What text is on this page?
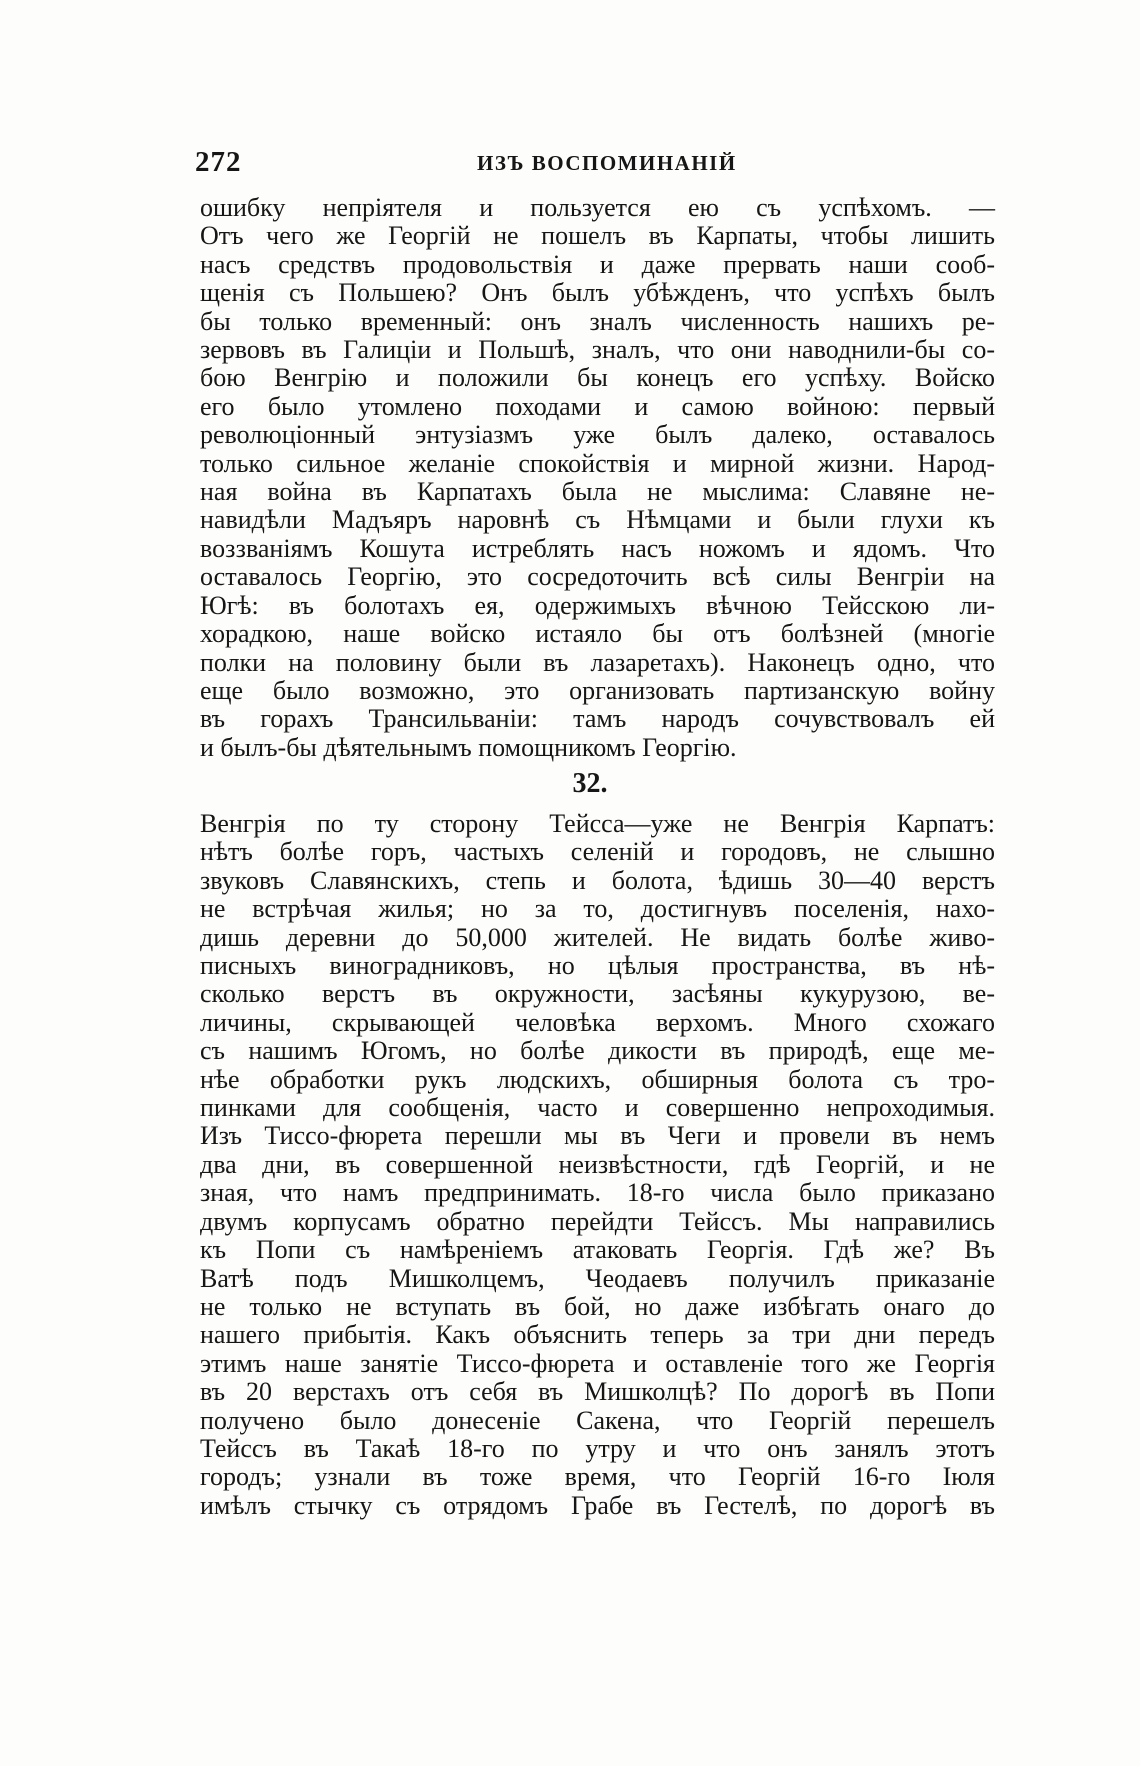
272	ИЗЪ ВОСПОМИНАНІЙ
ошибку непріятеля и пользуется ею съ успѣхомъ. —
Отъ чего же Георгій не пошелъ въ Карпаты, чтобы лишить
насъ средствъ продовольствія и даже прервать наши сооб-
щенія съ Польшею? Онъ былъ убѣжденъ, что успѣхъ былъ
бы только временный: онъ зналъ численность нашихъ ре-
зервовъ въ Галиціи и Польшѣ, зналъ, что они наводнили-бы со-
бою Венгрію и положили бы конецъ его успѣху. Войско
его было утомлено походами и самою войною: первый
революціонный энтузіазмъ уже былъ далеко, оставалось
только сильное желаніе спокойствія и мирной жизни. Народ-
ная война въ Карпатахъ была не мыслима: Славяне не-
навидѣли Мадъяръ наровнѣ съ Нѣмцами и были глухи къ
воззваніямъ Кошута истреблять насъ ножомъ и ядомъ. Что
оставалось Георгію, это сосредоточить всѣ силы Венгріи на
Югѣ: въ болотахъ ея, одержимыхъ вѣчною Тейсскою ли-
хорадкою, наше войско истаяло бы отъ болѣзней (многіе
полки на половину были въ лазаретахъ). Наконецъ одно, что
еще было возможно, это организовать партизанскую войну
въ горахъ Трансильваніи: тамъ народъ сочувствовалъ ей
и былъ-бы дѣятельнымъ помощникомъ Георгію.
32.
Венгрія по ту сторону Тейсса—уже не Венгрія Карпатъ:
нѣтъ болѣе горъ, частыхъ селеній и городовъ, не слышно
звуковъ Славянскихъ, степь и болота, ѣдишь 30—40 верстъ
не встрѣчая жилья; но за то, достигнувъ поселенія, нахо-
дишь деревни до 50,000 жителей. Не видать болѣе живо-
писныхъ виноградниковъ, но цѣлыя пространства, въ нѣ-
сколько верстъ въ окружности, засѣяны кукурузою, ве-
личины, скрывающей человѣка верхомъ. Много схожаго
съ нашимъ Югомъ, но болѣе дикости въ природѣ, еще ме-
нѣе обработки рукъ людскихъ, обширныя болота съ тро-
пинками для сообщенія, часто и совершенно непроходимыя.
Изъ Тиссо-фюрета перешли мы въ Чеги и провели въ немъ
два дни, въ совершенной неизвѣстности, гдѣ Георгій, и не
зная, что намъ предпринимать. 18-го числа было приказано
двумъ корпусамъ обратно перейдти Тейссъ. Мы направились
къ Попи съ намѣреніемъ атаковать Георгія. Гдѣ же? Въ
Ватѣ подъ Мишколцемъ, Чеодаевъ получилъ приказаніе
не только не вступать въ бой, но даже избѣгать онаго до
нашего прибытія. Какъ объяснить теперь за три дни передъ
этимъ наше занятіе Тиссо-фюрета и оставленіе того же Георгія
въ 20 верстахъ отъ себя въ Мишколцѣ? По дорогѣ въ Попи
получено было донесеніе Сакена, что Георгій перешелъ
Тейссъ въ Такаѣ 18-го по утру и что онъ занялъ этотъ
городъ; узнали въ тоже время, что Георгій 16-го Іюля
имѣлъ стычку съ отрядомъ Грабе въ Гестелѣ, по дорогѣ въ
